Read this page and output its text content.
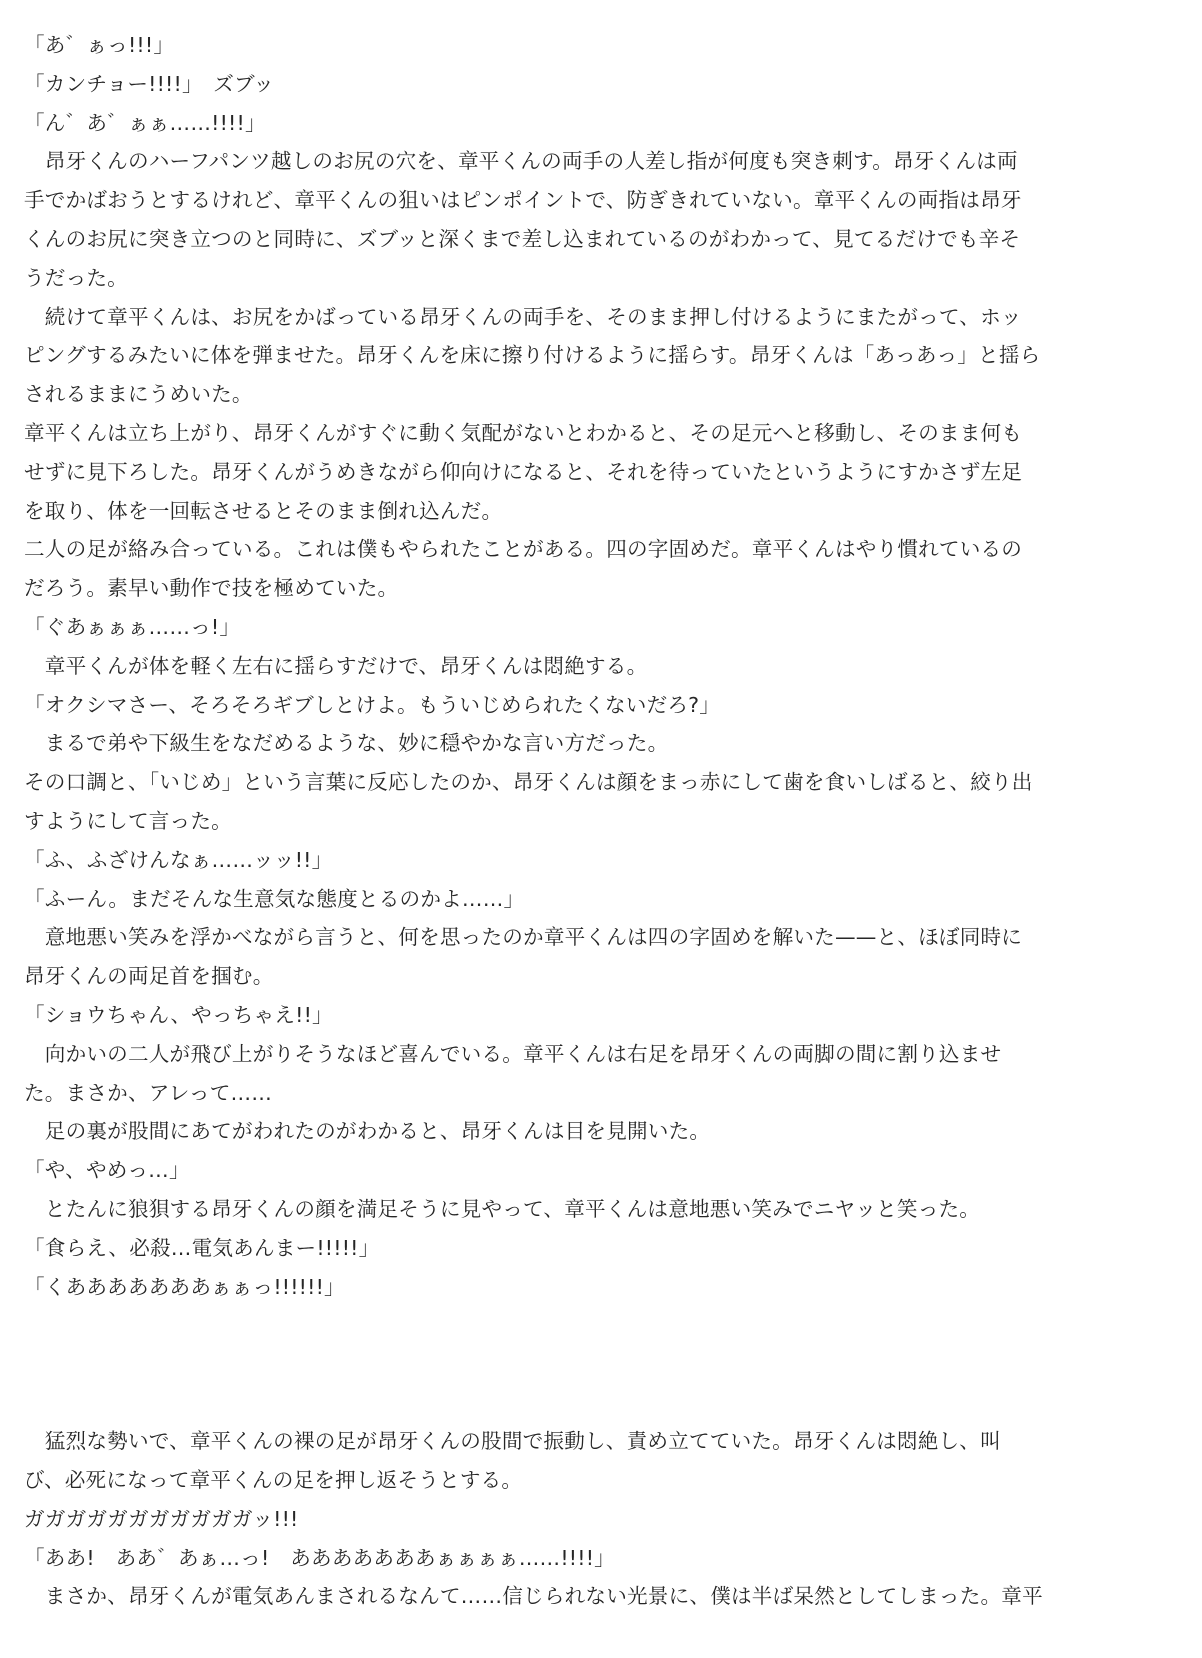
「あ゛ぁっ!!!」
「カンチョー!!!!」　ズブッ
「ん゛あ゛ぁぁ……!!!!」
　昂牙くんのハーフパンツ越しのお尻の穴を、章平くんの両手の人差し指が何度も突き刺す。昂牙くんは両
手でかばおうとするけれど、章平くんの狙いはピンポイントで、防ぎきれていない。章平くんの両指は昂牙
くんのお尻に突き立つのと同時に、ズブッと深くまで差し込まれているのがわかって、見てるだけでも辛そ
うだった。
　続けて章平くんは、お尻をかばっている昂牙くんの両手を、そのまま押し付けるようにまたがって、ホッ
ピングするみたいに体を弾ませた。昂牙くんを床に擦り付けるように揺らす。昂牙くんは「あっあっ」と揺ら
されるままにうめいた。
章平くんは立ち上がり、昂牙くんがすぐに動く気配がないとわかると、その足元へと移動し、そのまま何も
せずに見下ろした。昂牙くんがうめきながら仰向けになると、それを待っていたというようにすかさず左足
を取り、体を一回転させるとそのまま倒れ込んだ。
二人の足が絡み合っている。これは僕もやられたことがある。四の字固めだ。章平くんはやり慣れているの
だろう。素早い動作で技を極めていた。
「ぐあぁぁぁ……っ!」
　章平くんが体を軽く左右に揺らすだけで、昂牙くんは悶絶する。
「オクシマさー、そろそろギブしとけよ。もういじめられたくないだろ?」
　まるで弟や下級生をなだめるような、妙に穏やかな言い方だった。
その口調と、「いじめ」という言葉に反応したのか、昂牙くんは顔をまっ赤にして歯を食いしばると、絞り出
すようにして言った。
「ふ、ふざけんなぁ……ッッ!!」
「ふーん。まだそんな生意気な態度とるのかよ……」
　意地悪い笑みを浮かべながら言うと、何を思ったのか章平くんは四の字固めを解いた——と、ほぼ同時に
昂牙くんの両足首を掴む。
「ショウちゃん、やっちゃえ!!」
　向かいの二人が飛び上がりそうなほど喜んでいる。章平くんは右足を昂牙くんの両脚の間に割り込ませ
た。まさか、アレって……
　足の裏が股間にあてがわれたのがわかると、昂牙くんは目を見開いた。
「や、やめっ…」
　とたんに狼狽する昂牙くんの顔を満足そうに見やって、章平くんは意地悪い笑みでニヤッと笑った。
「食らえ、必殺…電気あんまー!!!!!」
「くあああああああぁぁっ!!!!!!」
　猛烈な勢いで、章平くんの裸の足が昂牙くんの股間で振動し、責め立てていた。昂牙くんは悶絶し、叫
び、必死になって章平くんの足を押し返そうとする。
ガガガガガガガガガガガッ!!!
「ああ!　ああ゛あぁ…っ!　あああああああぁぁぁぁ……!!!!」
　まさか、昂牙くんが電気あんまされるなんて……信じられない光景に、僕は半ば呆然としてしまった。章平
